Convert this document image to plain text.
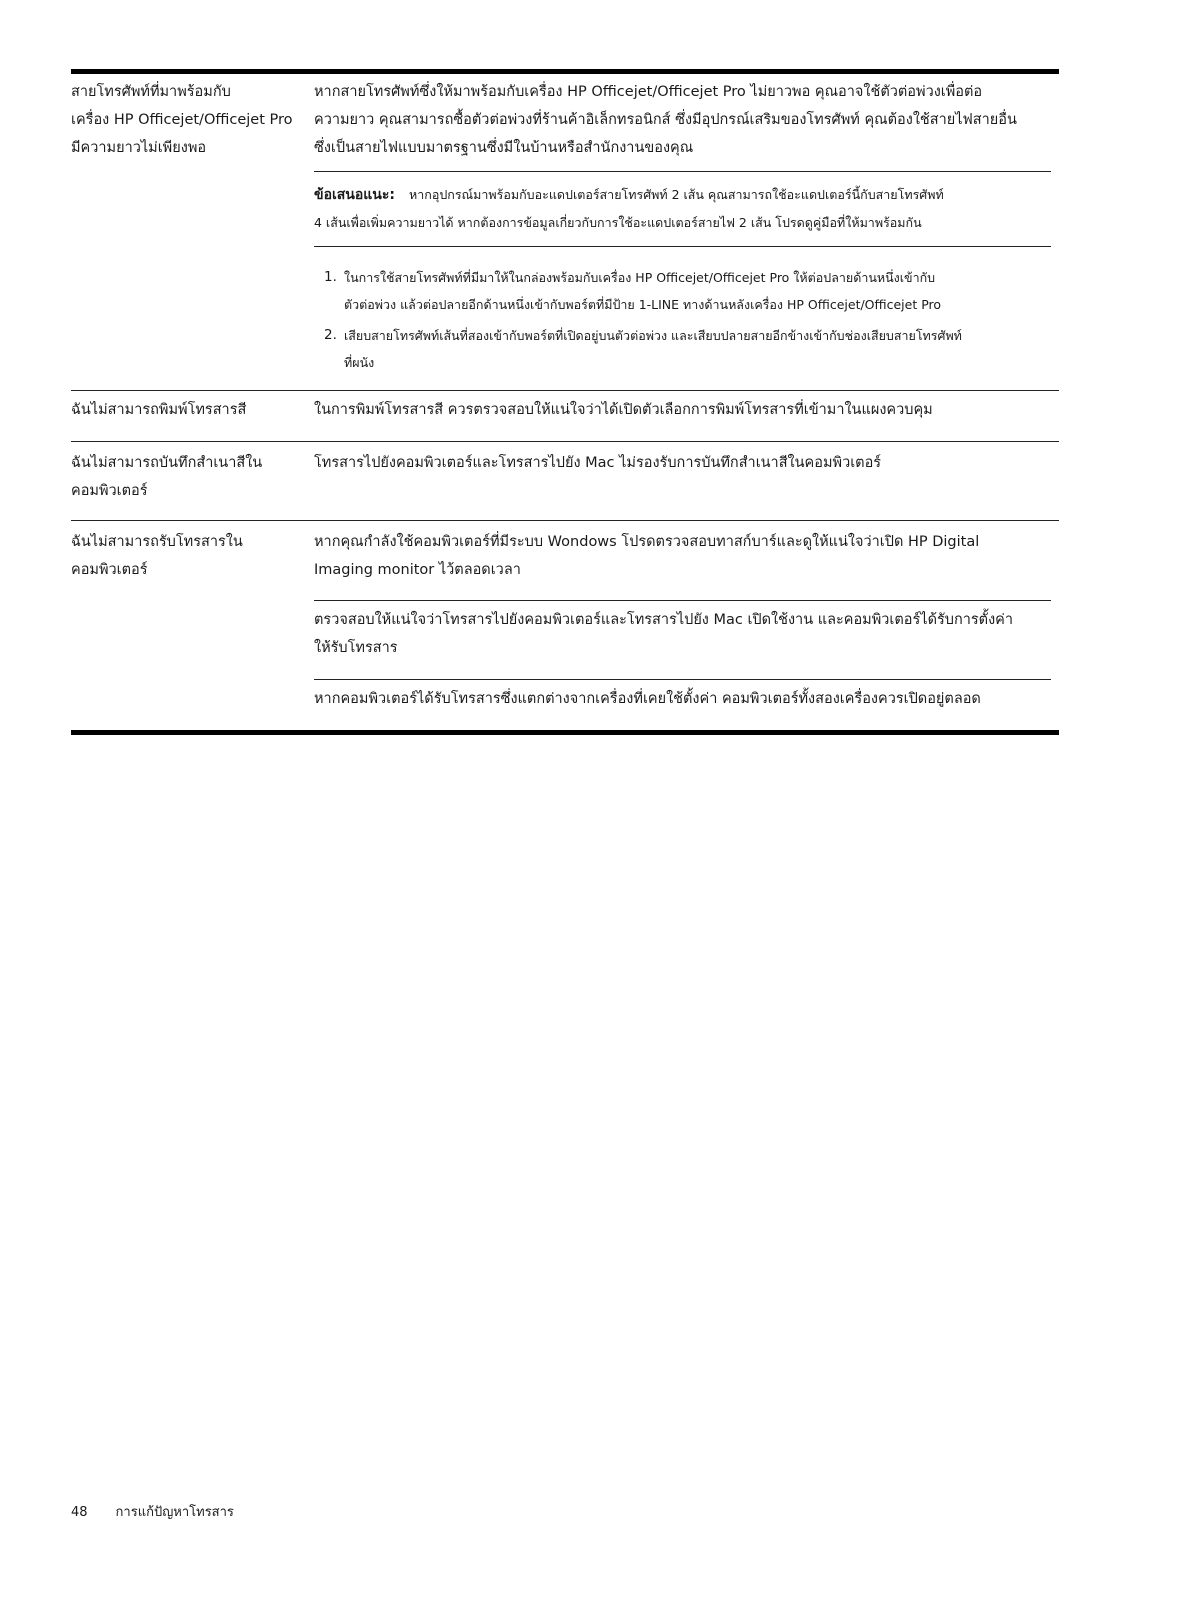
สายโทรศัพท์ที่มาพร้อมกับ
เครื่อง HP Officejet/Officejet Pro
มีความยาวไม่เพียงพอ
หากสายโทรศัพท์ซึ่งให้มาพร้อมกับเครื่อง HP Officejet/Officejet Pro ไม่ยาวพอ คุณอาจใช้ตัวต่อพ่วงเพื่อต่อ
ความยาว คุณสามารถซื้อตัวต่อพ่วงที่ร้านค้าอิเล็กทรอนิกส์ ซึ่งมีอุปกรณ์เสริมของโทรศัพท์ คุณต้องใช้สายไฟสายอื่น
ซึ่งเป็นสายไฟแบบมาตรฐานซึ่งมีในบ้านหรือสำนักงานของคุณ
ข้อเสนอแนะ: หากอุปกรณ์มาพร้อมกับอะแดปเตอร์สายโทรศัพท์ 2 เส้น คุณสามารถใช้อะแดปเตอร์นี้กับสายโทรศัพท์
4 เส้นเพื่อเพิ่มความยาวได้ หากต้องการข้อมูลเกี่ยวกับการใช้อะแดปเตอร์สายไฟ 2 เส้น โปรดดูคู่มือที่ให้มาพร้อมกัน
1. ในการใช้สายโทรศัพท์ที่มีมาให้ในกล่องพร้อมกับเครื่อง HP Officejet/Officejet Pro ให้ต่อปลายด้านหนึ่งเข้ากับ
ตัวต่อพ่วง แล้วต่อปลายอีกด้านหนึ่งเข้ากับพอร์ตที่มีป้าย 1-LINE ทางด้านหลังเครื่อง HP Officejet/Officejet Pro
2. เสียบสายโทรศัพท์เส้นที่สองเข้ากับพอร์ตที่เปิดอยู่บนตัวต่อพ่วง และเสียบปลายสายอีกข้างเข้ากับช่องเสียบสายโทรศัพท์
ที่ผนัง
ฉันไม่สามารถพิมพ์โทรสารสี	ในการพิมพ์โทรสารสี ควรตรวจสอบให้แน่ใจว่าได้เปิดตัวเลือกการพิมพ์โทรสารที่เข้ามาในแผงควบคุม
ฉันไม่สามารถบันทึกสำเนาสีใน
คอมพิวเตอร์
โทรสารไปยังคอมพิวเตอร์และโทรสารไปยัง Mac ไม่รองรับการบันทึกสำเนาสีในคอมพิวเตอร์
ฉันไม่สามารถรับโทรสารใน
คอมพิวเตอร์
หากคุณกำลังใช้คอมพิวเตอร์ที่มีระบบ Wondows โปรดตรวจสอบทาสก์บาร์และดูให้แน่ใจว่าเปิด HP Digital
Imaging monitor ไว้ตลอดเวลา
ตรวจสอบให้แน่ใจว่าโทรสารไปยังคอมพิวเตอร์และโทรสารไปยัง Mac เปิดใช้งาน และคอมพิวเตอร์ได้รับการตั้งค่า
ให้รับโทรสาร
หากคอมพิวเตอร์ได้รับโทรสารซึ่งแตกต่างจากเครื่องที่เคยใช้ตั้งค่า คอมพิวเตอร์ทั้งสองเครื่องควรเปิดอยู่ตลอด
48 การแก้ปัญหาโทรสาร
